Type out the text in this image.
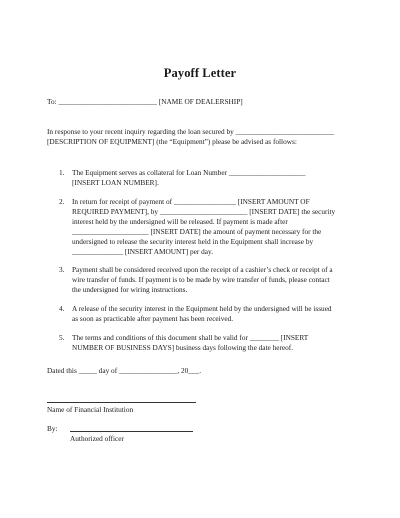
Payoff Letter
To: ___________________________ [NAME OF DEALERSHIP]
In response to your recent inquiry regarding the loan secured by ___________________________
[DESCRIPTION OF EQUIPMENT] (the “Equipment”) please be advised as follows:
1. The Equipment serves as collateral for Loan Number _____________________
[INSERT LOAN NUMBER].
2. In return for receipt of payment of _________________ [INSERT AMOUNT OF
REQUIRED PAYMENT], by ________________________ [INSERT DATE] the security
interest held by the undersigned will be released. If payment is made after
_____________________ [INSERT DATE] the amount of payment necessary for the
undersigned to release the security interest held in the Equipment shall increase by
______________ [INSERT AMOUNT] per day.
3. Payment shall be considered received upon the receipt of a cashier’s check or receipt of a
wire transfer of funds. If payment is to be made by wire transfer of funds, please contact
the undersigned for wiring instructions.
4. A release of the security interest in the Equipment held by the undersigned will be issued
as soon as practicable after payment has been received.
5. The terms and conditions of this document shall be valid for ________ [INSERT
NUMBER OF BUSINESS DAYS] business days following the date hereof.
Dated this _____ day of ________________, 20___.
Name of Financial Institution
By:
Authorized officer
